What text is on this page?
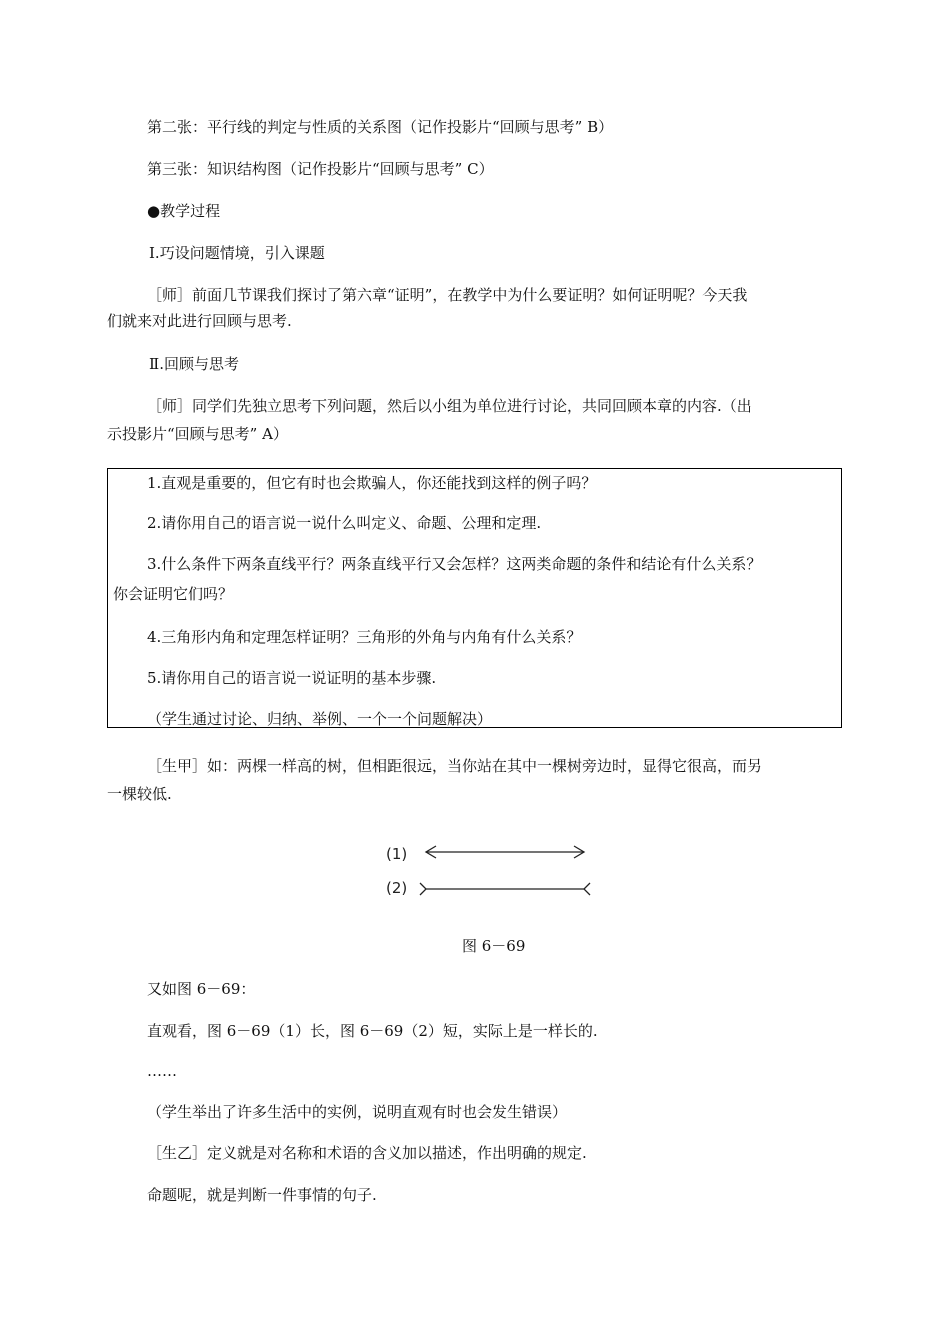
第二张：平行线的判定与性质的关系图（记作投影片“回顾与思考” B）
第三张：知识结构图（记作投影片“回顾与思考” C）
●教学过程
Ⅰ.巧设问题情境，引入课题
［师］前面几节课我们探讨了第六章“证明”，在教学中为什么要证明？如何证明呢？今天我
们就来对此进行回顾与思考.
Ⅱ.回顾与思考
［师］同学们先独立思考下列问题，然后以小组为单位进行讨论，共同回顾本章的内容.（出
示投影片“回顾与思考” A）
1.直观是重要的，但它有时也会欺骗人，你还能找到这样的例子吗？
2.请你用自己的语言说一说什么叫定义、命题、公理和定理.
3.什么条件下两条直线平行？两条直线平行又会怎样？这两类命题的条件和结论有什么关系？
你会证明它们吗？
4.三角形内角和定理怎样证明？三角形的外角与内角有什么关系？
5.请你用自己的语言说一说证明的基本步骤.
（学生通过讨论、归纳、举例、一个一个问题解决）
［生甲］如：两棵一样高的树，但相距很远，当你站在其中一棵树旁边时，显得它很高，而另
一棵较低.
(1)
(2)
图 6－69
又如图 6－69：
直观看，图 6－69（1）长，图 6－69（2）短，实际上是一样长的.
……
（学生举出了许多生活中的实例，说明直观有时也会发生错误）
［生乙］定义就是对名称和术语的含义加以描述，作出明确的规定.
命题呢，就是判断一件事情的句子.
